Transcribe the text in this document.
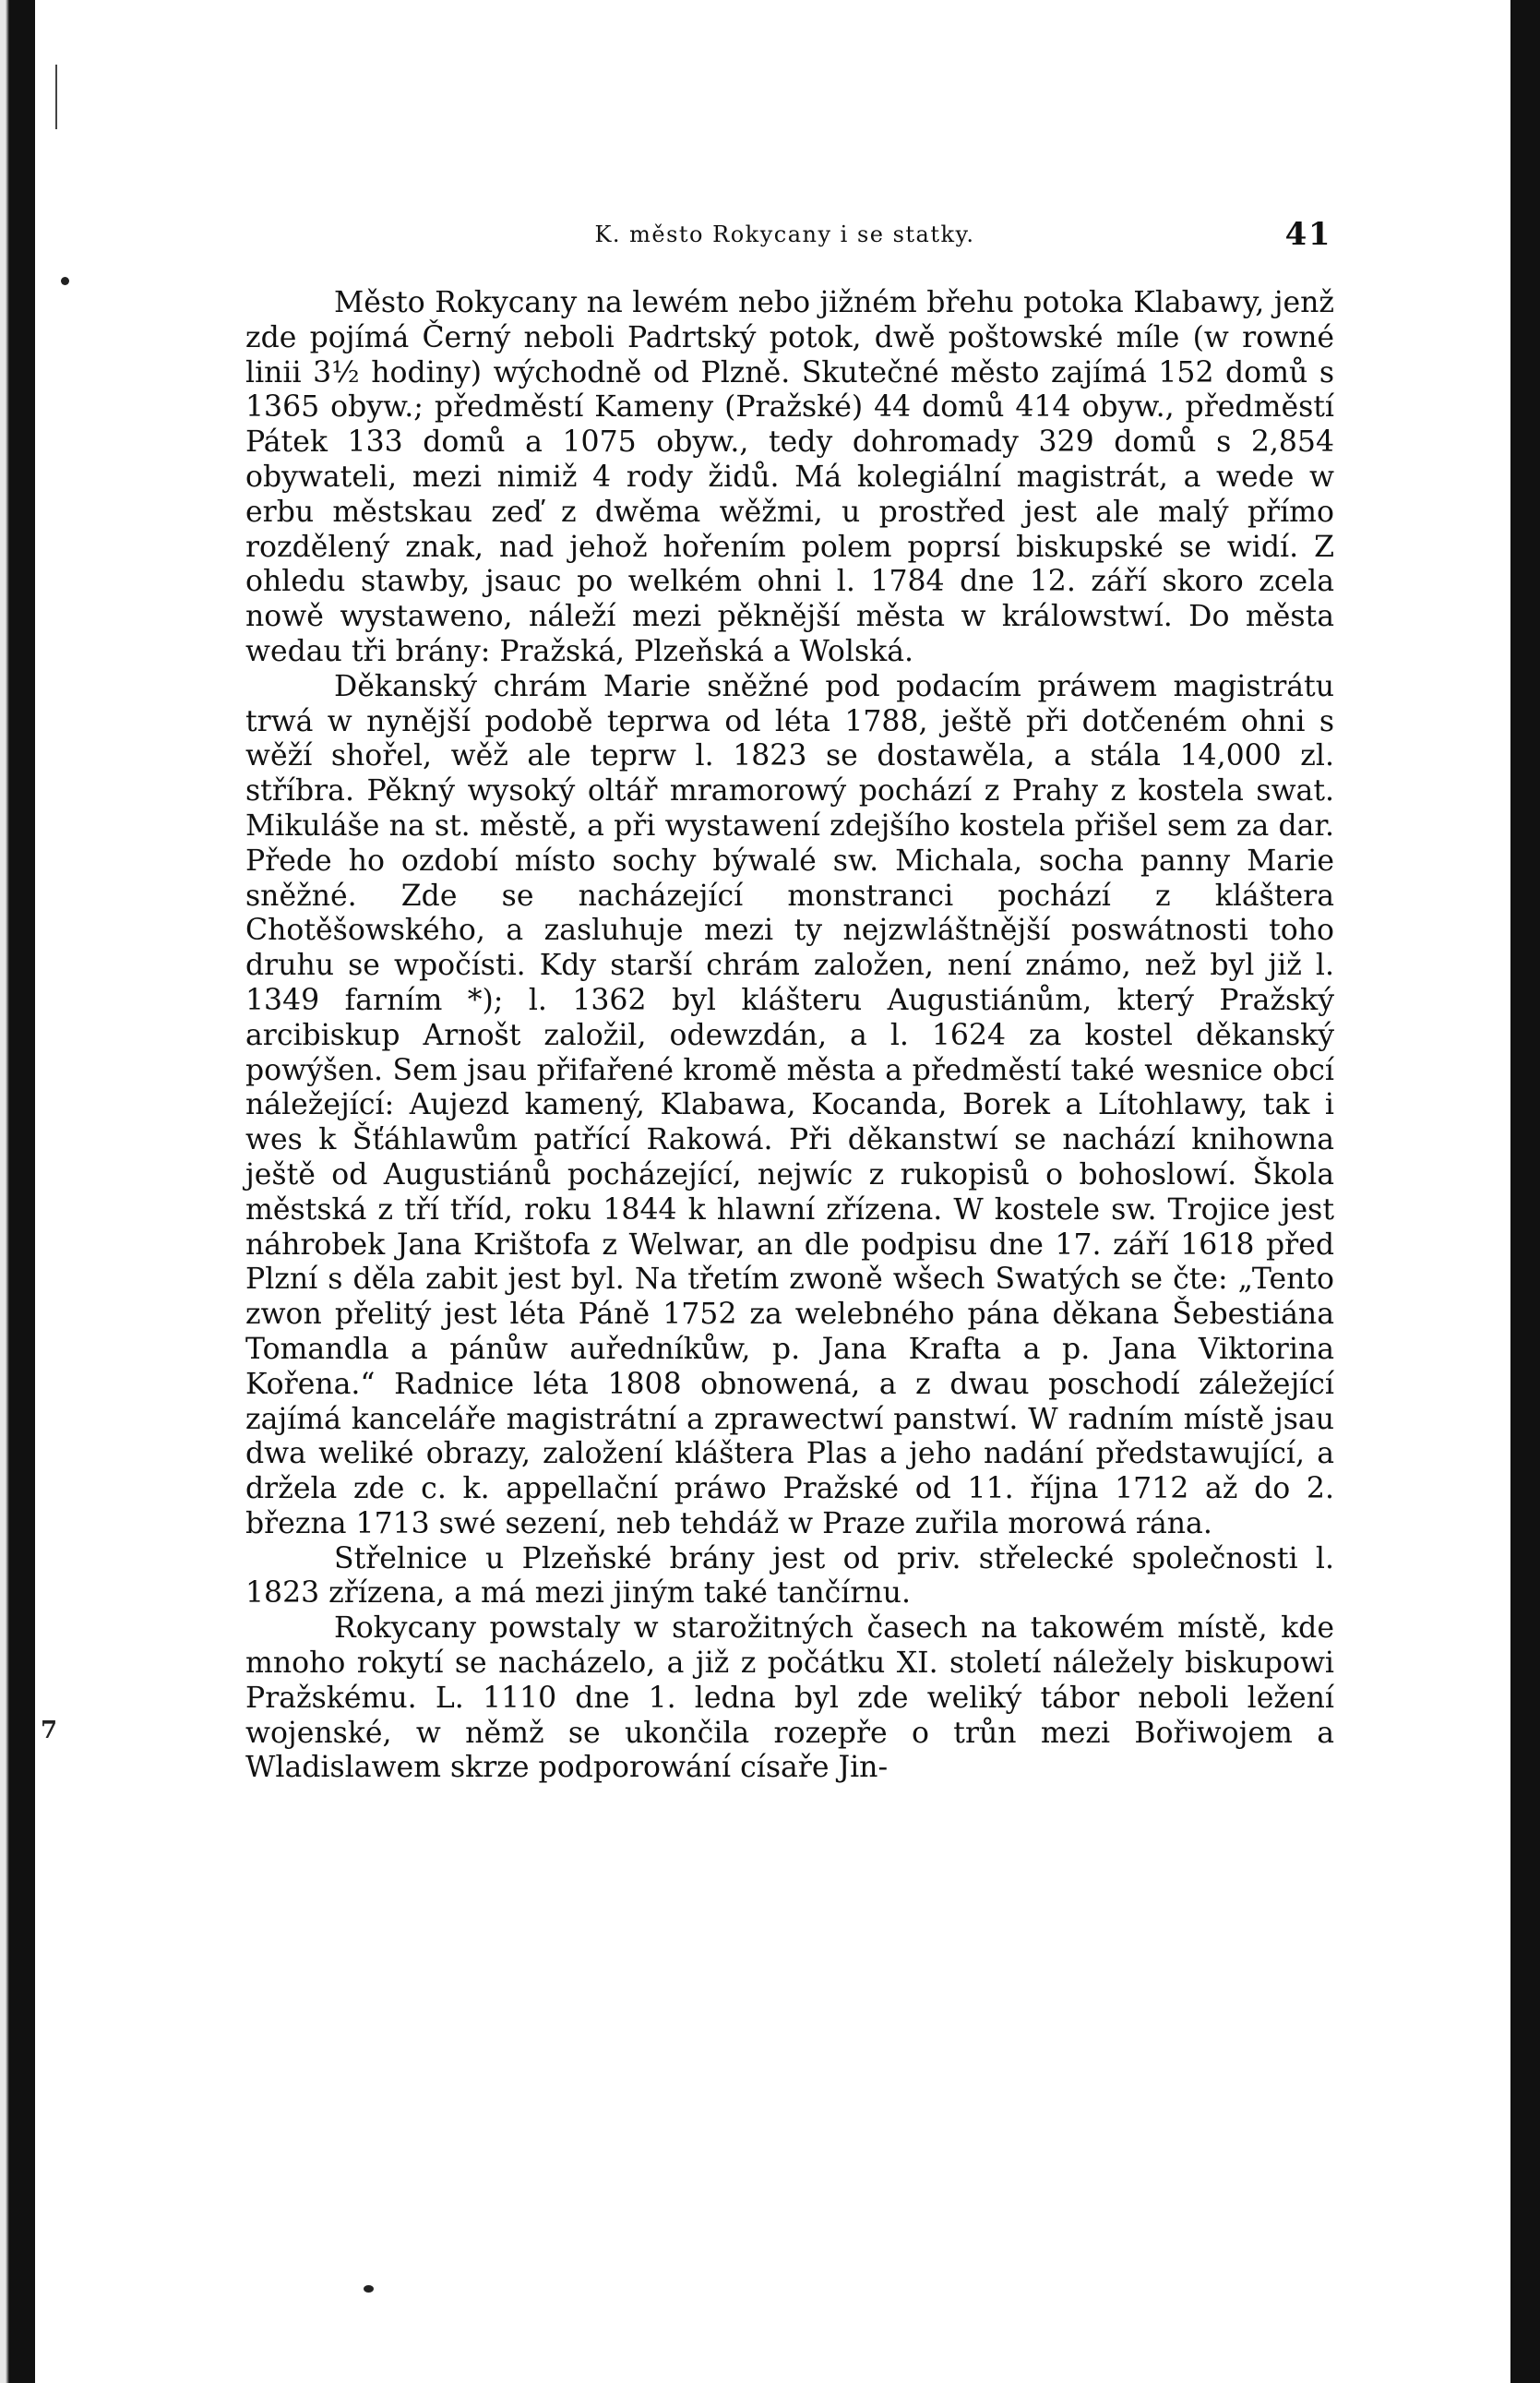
K. město Rokycany i se statky.	41

Město Rokycany na lewém nebo jižném břehu potoka Klabawy, jenž zde pojímá Černý neboli Padrtský potok, dwě poštowské míle (w rowné linii 3½ hodiny) wýchodně od Plzně. Skutečné město zajímá 152 domů s 1365 obyw.; předměstí Kameny (Pražské) 44 domů 414 obyw., předměstí Pátek 133 domů a 1075 obyw., tedy dohromady 329 domů s 2,854 obywateli, mezi nimiž 4 rody židů. Má kolegiální magistrát, a wede w erbu městskau zeď z dwěma wěžmi, u prostřed jest ale malý přímo rozdělený znak, nad jehož hořením polem poprsí biskupské se widí. Z ohledu stawby, jsauc po welkém ohni l. 1784 dne 12. září skoro zcela nowě wystaweno, náleží mezi pěknější města w králowstwí. Do města wedau tři brány: Pražská, Plzeňská a Wolská.

Děkanský chrám Marie sněžné pod podacím práwem magistrátu trwá w nynější podobě teprwa od léta 1788, ještě při dotčeném ohni s wěží shořel, wěž ale teprw l. 1823 se dostawěla, a stála 14,000 zl. stříbra. Pěkný wysoký oltář mramorowý pochází z Prahy z kostela swat. Mikuláše na st. městě, a při wystawení zdejšího kostela přišel sem za dar. Přede ho ozdobí místo sochy býwalé sw. Michala, socha panny Marie sněžné. Zde se nacházející monstranci pochází z kláštera Chotěšowského, a zasluhuje mezi ty nejzwláštnější poswátnosti toho druhu se wpočísti. Kdy starší chrám založen, není známo, než byl již l. 1349 farním *); l. 1362 byl klášteru Augustiánům, který Pražský arcibiskup Arnošt založil, odewzdán, a l. 1624 za kostel děkanský powýšen. Sem jsau přifařené kromě města a předměstí také wesnice obcí náležející: Aujezd kamený, Klabawa, Kocanda, Borek a Lítohlawy, tak i wes k Šťáhlawům patřící Rakowá. Při děkanstwí se nachází knihowna ještě od Augustiánů pocházející, nejwíc z rukopisů o bohoslowí. Škola městská z tří tříd, roku 1844 k hlawní zřízena. W kostele sw. Trojice jest náhrobek Jana Krištofa z Welwar, an dle podpisu dne 17. září 1618 před Plzní s děla zabit jest byl. Na třetím zwoně wšech Swatých se čte: „Tento zwon přelitý jest léta Páně 1752 za welebného pána děkana Šebestiána Tomandla a pánůw auředníkůw, p. Jana Krafta a p. Jana Viktorina Kořena.“ Radnice léta 1808 obnowená, a z dwau poschodí záležející zajímá kanceláře magistrátní a zprawectwí panstwí. W radním místě jsau dwa weliké obrazy, založení kláštera Plas a jeho nadání předstawující, a držela zde c. k. appellační práwo Pražské od 11. října 1712 až do 2. března 1713 swé sezení, neb tehdáž w Praze zuřila morowá rána.

Střelnice u Plzeňské brány jest od priv. střelecké společnosti l. 1823 zřízena, a má mezi jiným také tančírnu.

Rokycany powstaly w starožitných časech na takowém místě, kde mnoho rokytí se nacházelo, a již z počátku XI. století náležely biskupowi Pražskému. L. 1110 dne 1. ledna byl zde weliký tábor neboli ležení wojenské, w němž se ukončila rozepře o trůn mezi Bořiwojem a Wladislawem skrze podporowání císaře Jin-

7
